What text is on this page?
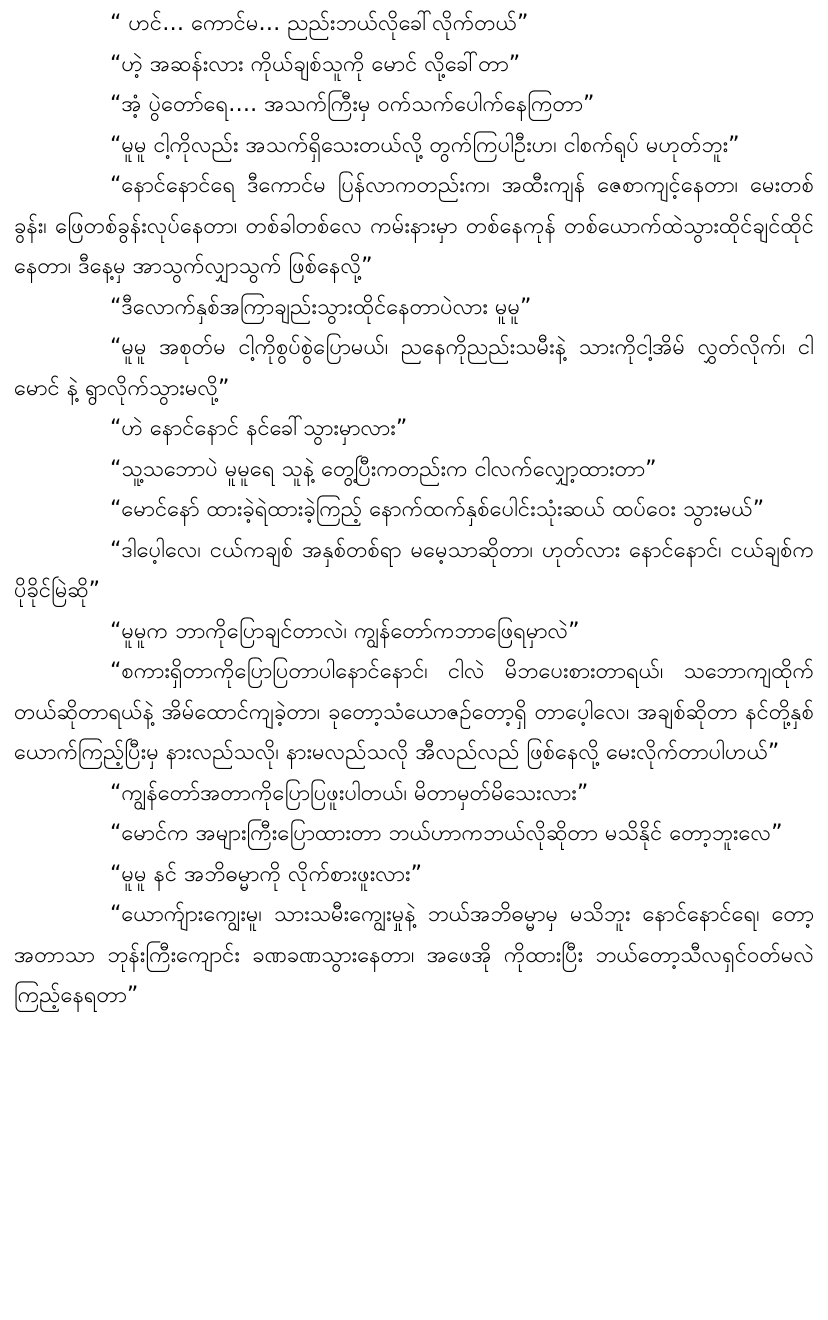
“ ဟင်… ကောင်မ… ညည်းဘယ်လိုခေါ်လိုက်တယ်”

“ဟဲ့ အဆန်းလား ကိုယ်ချစ်သူကို မောင် လို့ခေါ်တာ”

“အံ့ ပွဲတော်ရေ…. အသက်ကြီးမှ ဝက်သက်ပေါက်နေကြတာ”

“မူမူ ငါ့ကိုလည်း အသက်ရှိသေးတယ်လို့ တွက်ကြပါဦးဟ၊ ငါစက်ရုပ် မဟုတ်ဘူး”

“နောင်နောင်ရေ ဒီကောင်မ ပြန်လာကတည်းက၊ အထီးကျန် ဇေစာကျင့်နေတာ၊ မေးတစ်ခွန်း၊ ဖြေတစ်ခွန်းလုပ်နေတာ၊ တစ်ခါတစ်လေ ကမ်းနားမှာ တစ်နေကုန် တစ်ယောက်ထဲသွားထိုင်ချင်ထိုင်နေတာ၊ ဒီနေ့မှ အာသွက်လျှာသွက် ဖြစ်နေလို့”

“ဒီလောက်နှစ်အကြာချည်းသွားထိုင်နေတာပဲလား မူမူ”

“မူမူ အစုတ်မ ငါ့ကိုစွပ်စွဲပြောမယ်၊ ညနေကိုညည်းသမီးနဲ့ သားကိုငါ့အိမ် လွှတ်လိုက်၊ ငါမောင် နဲ့ ရွာလိုက်သွားမလို့”

“ဟဲ နောင်နောင် နင်ခေါ်သွားမှာလား”

“သူ့သဘောပဲ မူမူရေ သူနဲ့ တွေ့ပြီးကတည်းက ငါလက်လျှော့ထားတာ”

“မောင်နော် ထားခဲ့ရဲထားခဲ့ကြည့် နောက်ထက်နှစ်ပေါင်းသုံးဆယ် ထပ်ဝေး သွားမယ်”

“ဒါပေ့ါလေ၊ ငယ်ကချစ် အနှစ်တစ်ရာ မမေ့သာဆိုတာ၊ ဟုတ်လား နောင်နောင်၊ ငယ်ချစ်ကပိုခိုင်မြဲဆို”

“မူမူက ဘာကိုပြောချင်တာလဲ၊ ကျွန်တော်ကဘာဖြေရမှာလဲ”

“စကားရှိတာကိုပြောပြတာပါနောင်နောင်၊ ငါလဲ မိဘပေးစားတာရယ်၊ သဘောကျထိုက်တယ်ဆိုတာရယ်နဲ့ အိမ်ထောင်ကျခဲ့တာ၊ ခုတော့သံယောဇဉ်တော့ရှိ တာပေ့ါလေ၊ အချစ်ဆိုတာ နင်တို့နှစ်ယောက်ကြည့်ပြီးမှ နားလည်သလို၊ နားမလည်သလို အီလည်လည် ဖြစ်နေလို့ မေးလိုက်တာပါဟယ်”

“ကျွန်တော်အတာကိုပြောပြဖူးပါတယ်၊ မိတာမှတ်မိသေးလား”

“မောင်က အများကြီးပြောထားတာ ဘယ်ဟာကဘယ်လိုဆိုတာ မသိနိုင် တော့ဘူးလေ”

“မူမူ နင် အဘိဓမ္မာကို လိုက်စားဖူးလား”

“ယောက်ျားကျွေးမူ၊ သားသမီးကျွေးမှုနဲ့ ဘယ်အဘိဓမ္မာမှ မသိဘူး နောင်နောင်ရေ၊ တော့အတာသာ ဘုန်းကြီးကျောင်း ခဏခဏသွားနေတာ၊ အဖေအို ကိုထားပြီး ဘယ်တော့သီလရှင်ဝတ်မလဲကြည့်နေရတာ”
